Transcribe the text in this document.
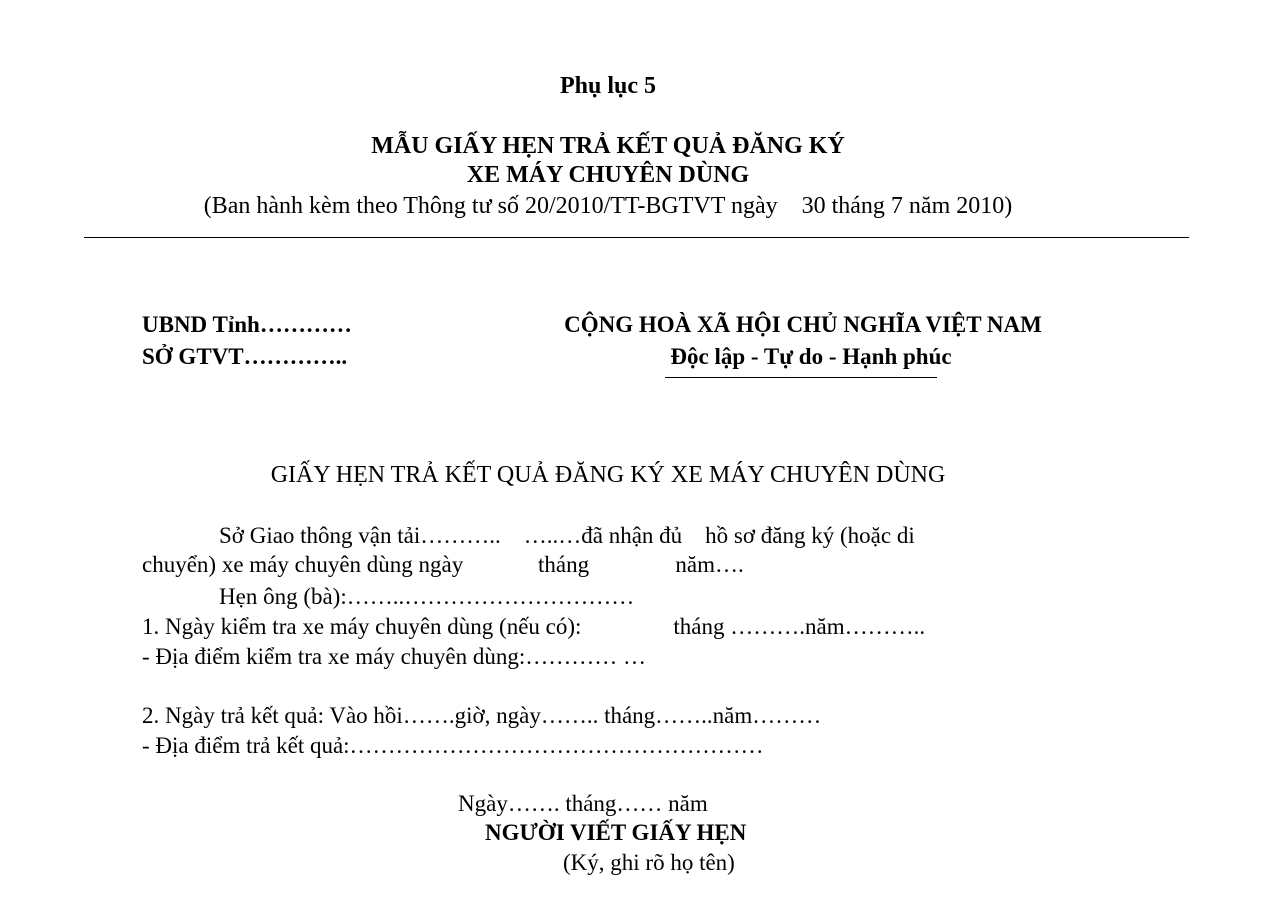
Phụ lục 5
MẪU GIẤY HẸN TRẢ KẾT QUẢ ĐĂNG KÝ
XE MÁY CHUYÊN DÙNG
(Ban hành kèm theo Thông tư số 20/2010/TT-BGTVT ngày    30 tháng 7 năm 2010)
UBND Tỉnh…………
SỞ GTVT…………..
CỘNG HOÀ XÃ HỘI CHỦ NGHĨA VIỆT NAM
Độc lập - Tự do - Hạnh phúc
GIẤY HẸN TRẢ KẾT QUẢ ĐĂNG KÝ XE MÁY CHUYÊN DÙNG
Sở Giao thông vận tải………..    …..…đã nhận đủ    hồ sơ đăng ký (hoặc di
chuyển) xe máy chuyên dùng ngày             tháng               năm….
Hẹn ông (bà):……..…………………………
1. Ngày kiểm tra xe máy chuyên dùng (nếu có):                tháng ……….năm………..
- Địa điểm kiểm tra xe máy chuyên dùng:………… …
2. Ngày trả kết quả: Vào hồi…….giờ, ngày…….. tháng……..năm………
- Địa điểm trả kết quả:………………………………………………
Ngày……. tháng…… năm
NGƯỜI VIẾT GIẤY HẸN
(Ký, ghi rõ họ tên)
